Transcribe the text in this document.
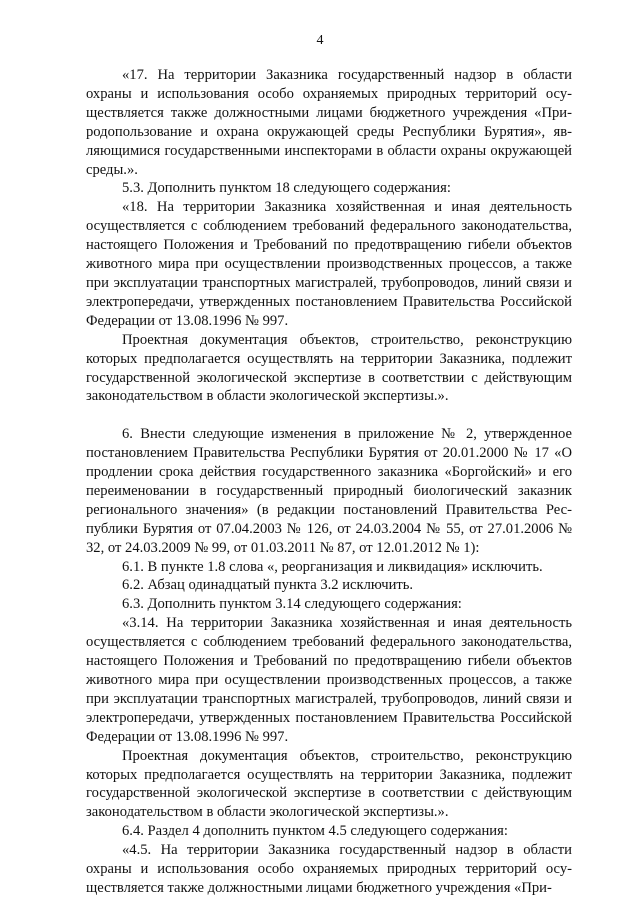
4

«17. На территории Заказника государственный надзор в области охраны и использования особо охраняемых природных территорий осуществляется также должностными лицами бюджетного учреждения «Природопользование и охрана окружающей среды Республики Бурятия», являющимися государственными инспекторами в области охраны окружающей среды.».

5.3. Дополнить пунктом 18 следующего содержания:

«18. На территории Заказника хозяйственная и иная деятельность осуществляется с соблюдением требований федерального законодательства, настоящего Положения и Требований по предотвращению гибели объектов животного мира при осуществлении производственных процессов, а также при эксплуатации транспортных магистралей, трубопроводов, линий связи и электропередачи, утвержденных постановлением Правительства Российской Федерации от 13.08.1996 № 997.

Проектная документация объектов, строительство, реконструкцию которых предполагается осуществлять на территории Заказника, подлежит государственной экологической экспертизе в соответствии с действующим законодательством в области экологической экспертизы.».

6. Внести следующие изменения в приложение № 2, утвержденное постановлением Правительства Республики Бурятия от 20.01.2000 № 17 «О продлении срока действия государственного заказника «Боргойский» и его переименовании в государственный природный биологический заказник регионального значения» (в редакции постановлений Правительства Республики Бурятия от 07.04.2003 № 126, от 24.03.2004 № 55, от 27.01.2006 № 32, от 24.03.2009 № 99, от 01.03.2011 № 87, от 12.01.2012 № 1):

6.1. В пункте 1.8 слова «, реорганизация и ликвидация» исключить.

6.2. Абзац одинадцатый пункта 3.2 исключить.

6.3. Дополнить пунктом 3.14 следующего содержания:

«3.14. На территории Заказника хозяйственная и иная деятельность осуществляется с соблюдением требований федерального законодательства, настоящего Положения и Требований по предотвращению гибели объектов животного мира при осуществлении производственных процессов, а также при эксплуатации транспортных магистралей, трубопроводов, линий связи и электропередачи, утвержденных постановлением Правительства Российской Федерации от 13.08.1996 № 997.

Проектная документация объектов, строительство, реконструкцию которых предполагается осуществлять на территории Заказника, подлежит государственной экологической экспертизе в соответствии с действующим законодательством в области экологической экспертизы.».

6.4. Раздел 4 дополнить пунктом 4.5 следующего содержания:

«4.5. На территории Заказника государственный надзор в области охраны и использования особо охраняемых природных территорий осуществляется также должностными лицами бюджетного учреждения «При-
